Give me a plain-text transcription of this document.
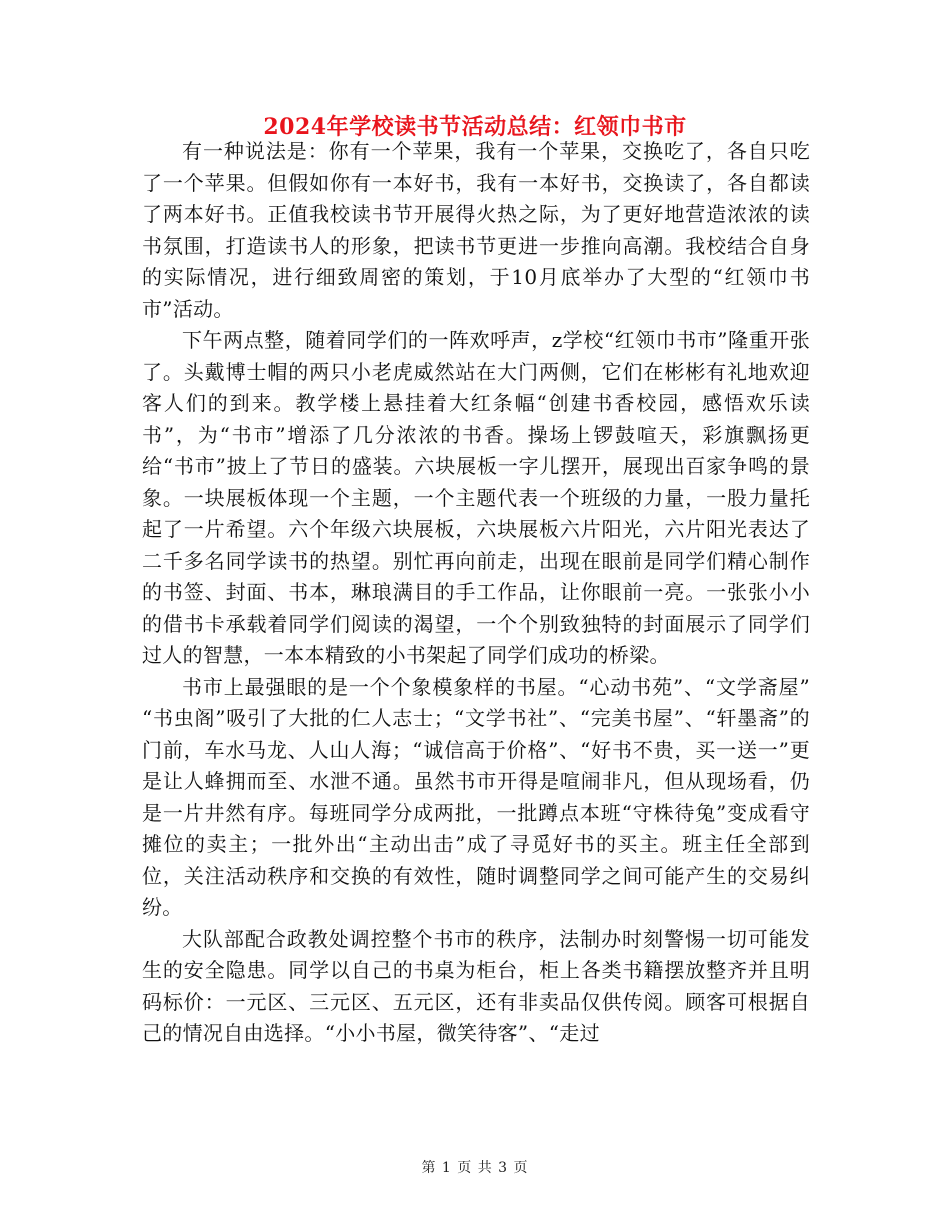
2024年学校读书节活动总结：红领巾书市

有一种说法是：你有一个苹果，我有一个苹果，交换吃了，各自只吃了一个苹果。但假如你有一本好书，我有一本好书，交换读了，各自都读了两本好书。正值我校读书节开展得火热之际，为了更好地营造浓浓的读书氛围，打造读书人的形象，把读书节更进一步推向高潮。我校结合自身的实际情况，进行细致周密的策划，于10月底举办了大型的“红领巾书市”活动。

下午两点整，随着同学们的一阵欢呼声，z学校“红领巾书市”隆重开张了。头戴博士帽的两只小老虎威然站在大门两侧，它们在彬彬有礼地欢迎客人们的到来。教学楼上悬挂着大红条幅“创建书香校园，感悟欢乐读书”，为“书市”增添了几分浓浓的书香。操场上锣鼓喧天，彩旗飘扬更给“书市”披上了节日的盛装。六块展板一字儿摆开，展现出百家争鸣的景象。一块展板体现一个主题，一个主题代表一个班级的力量，一股力量托起了一片希望。六个年级六块展板，六块展板六片阳光，六片阳光表达了二千多名同学读书的热望。别忙再向前走，出现在眼前是同学们精心制作的书签、封面、书本，琳琅满目的手工作品，让你眼前一亮。一张张小小的借书卡承载着同学们阅读的渴望，一个个别致独特的封面展示了同学们过人的智慧，一本本精致的小书架起了同学们成功的桥梁。

书市上最强眼的是一个个象模象样的书屋。“心动书苑”、“文学斋屋” “书虫阁”吸引了大批的仁人志士；“文学书社”、“完美书屋”、“轩墨斋”的门前，车水马龙、人山人海；“诚信高于价格”、“好书不贵，买一送一”更是让人蜂拥而至、水泄不通。虽然书市开得是喧闹非凡，但从现场看，仍是一片井然有序。每班同学分成两批，一批蹲点本班“守株待兔”变成看守摊位的卖主；一批外出“主动出击”成了寻觅好书的买主。班主任全部到位，关注活动秩序和交换的有效性，随时调整同学之间可能产生的交易纠纷。

大队部配合政教处调控整个书市的秩序，法制办时刻警惕一切可能发生的安全隐患。同学以自己的书桌为柜台，柜上各类书籍摆放整齐并且明码标价：一元区、三元区、五元区，还有非卖品仅供传阅。顾客可根据自己的情况自由选择。“小小书屋，微笑待客”、“走过

第 1 页 共 3 页
